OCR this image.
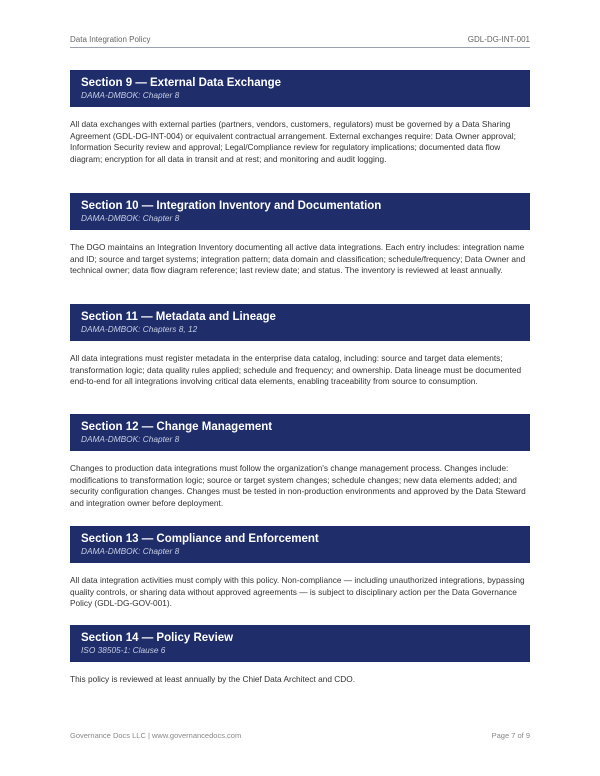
Data Integration Policy	GDL-DG-INT-001
Section 9 — External Data Exchange
DAMA-DMBOK: Chapter 8
All data exchanges with external parties (partners, vendors, customers, regulators) must be governed by a Data Sharing Agreement (GDL-DG-INT-004) or equivalent contractual arrangement. External exchanges require: Data Owner approval; Information Security review and approval; Legal/Compliance review for regulatory implications; documented data flow diagram; encryption for all data in transit and at rest; and monitoring and audit logging.
Section 10 — Integration Inventory and Documentation
DAMA-DMBOK: Chapter 8
The DGO maintains an Integration Inventory documenting all active data integrations. Each entry includes: integration name and ID; source and target systems; integration pattern; data domain and classification; schedule/frequency; Data Owner and technical owner; data flow diagram reference; last review date; and status. The inventory is reviewed at least annually.
Section 11 — Metadata and Lineage
DAMA-DMBOK: Chapters 8, 12
All data integrations must register metadata in the enterprise data catalog, including: source and target data elements; transformation logic; data quality rules applied; schedule and frequency; and ownership. Data lineage must be documented end-to-end for all integrations involving critical data elements, enabling traceability from source to consumption.
Section 12 — Change Management
DAMA-DMBOK: Chapter 8
Changes to production data integrations must follow the organization's change management process. Changes include: modifications to transformation logic; source or target system changes; schedule changes; new data elements added; and security configuration changes. Changes must be tested in non-production environments and approved by the Data Steward and integration owner before deployment.
Section 13 — Compliance and Enforcement
DAMA-DMBOK: Chapter 8
All data integration activities must comply with this policy. Non-compliance — including unauthorized integrations, bypassing quality controls, or sharing data without approved agreements — is subject to disciplinary action per the Data Governance Policy (GDL-DG-GOV-001).
Section 14 — Policy Review
ISO 38505-1: Clause 6
This policy is reviewed at least annually by the Chief Data Architect and CDO.
Governance Docs LLC | www.governancedocs.com	Page 7 of 9
